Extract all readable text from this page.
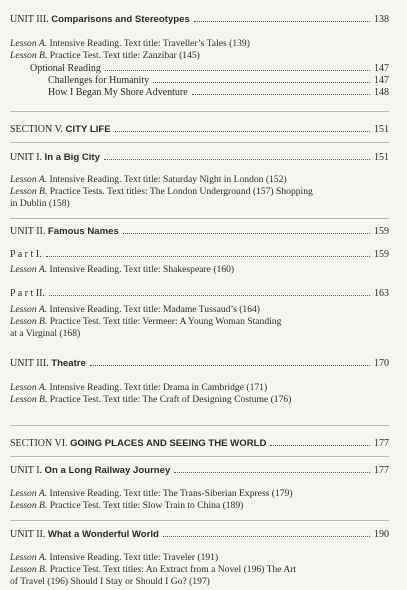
UNIT III. Comparisons and Stereotypes	138
Lesson A. Intensive Reading. Text title: Traveller’s Tales (139)
Lesson B. Practice Test. Text title: Zanzibar (145)
Optional Reading	147
Challenges for Humanity	147
How I Began My Shore Adventure	148
SECTION V. CITY LIFE	151
UNIT I. In a Big City	151
Lesson A. Intensive Reading. Text title: Saturday Night in London (152)
Lesson B. Practice Tests. Text titles: The London Underground (157) Shopping
in Dublin (158)
UNIT II. Famous Names	159
P a r t I.	159
Lesson A. Intensive Reading. Text title: Shakespeare (160)
P a r t II.	163
Lesson A. Intensive Reading. Text title: Madame Tussaud’s (164)
Lesson B. Practice Test. Text title: Vermeer: A Young Woman Standing
at a Virginal (168)
UNIT III. Theatre	170
Lesson A. Intensive Reading. Text title: Drama in Cambridge (171)
Lesson B. Practice Test. Text title: The Craft of Designing Costume (176)
SECTION VI. GOING PLACES AND SEEING THE WORLD	177
UNIT I. On a Long Railway Journey	177
Lesson A. Intensive Reading. Text title: The Trans-Siberian Express (179)
Lesson B. Practice Test. Text title: Slow Train to China (189)
UNIT II. What a Wonderful World	190
Lesson A. Intensive Reading. Text title: Traveler (191)
Lesson B. Practice Test. Text titles: An Extract from a Novel (196) The Art
of Travel (196) Should I Stay or Should I Go? (197)
